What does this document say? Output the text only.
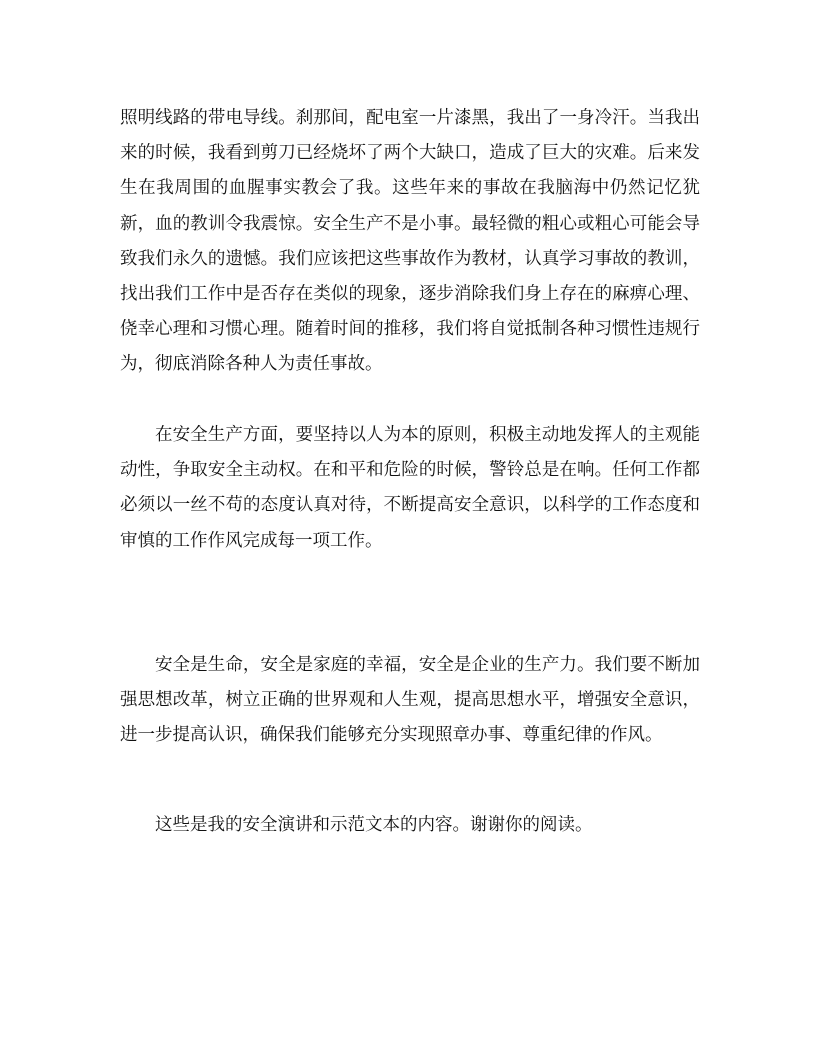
照明线路的带电导线。刹那间，配电室一片漆黑，我出了一身冷汗。当我出来的时候，我看到剪刀已经烧坏了两个大缺口，造成了巨大的灾难。后来发生在我周围的血腥事实教会了我。这些年来的事故在我脑海中仍然记忆犹新，血的教训令我震惊。安全生产不是小事。最轻微的粗心或粗心可能会导致我们永久的遗憾。我们应该把这些事故作为教材，认真学习事故的教训，找出我们工作中是否存在类似的现象，逐步消除我们身上存在的麻痹心理、侥幸心理和习惯心理。随着时间的推移，我们将自觉抵制各种习惯性违规行为，彻底消除各种人为责任事故。

在安全生产方面，要坚持以人为本的原则，积极主动地发挥人的主观能动性，争取安全主动权。在和平和危险的时候，警铃总是在响。任何工作都必须以一丝不苟的态度认真对待，不断提高安全意识，以科学的工作态度和审慎的工作作风完成每一项工作。

安全是生命，安全是家庭的幸福，安全是企业的生产力。我们要不断加强思想改革，树立正确的世界观和人生观，提高思想水平，增强安全意识，进一步提高认识，确保我们能够充分实现照章办事、尊重纪律的作风。

这些是我的安全演讲和示范文本的内容。谢谢你的阅读。
